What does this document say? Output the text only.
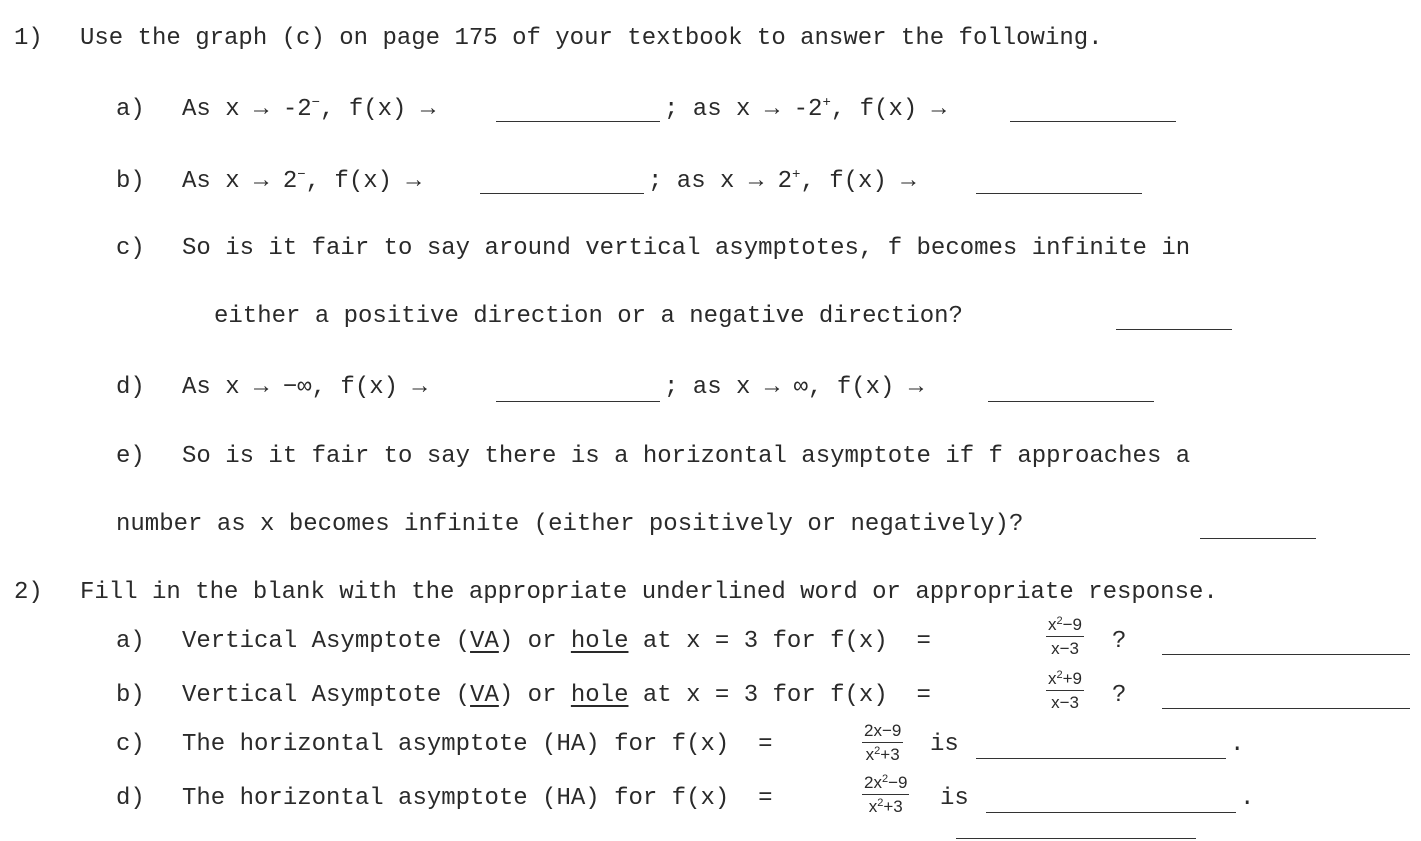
1) Use the graph (c) on page 175 of your textbook to answer the following.
a) As x → -2−, f(x) →	; as x → -2+, f(x) →
b) As x → 2−, f(x) →	; as x → 2+, f(x) →
c) So is it fair to say around vertical asymptotes, f becomes infinite in
either a positive direction or a negative direction?
d) As x → −∞, f(x) →	; as x → ∞, f(x) →
e) So is it fair to say there is a horizontal asymptote if f approaches a
number as x becomes infinite (either positively or negatively)?
2) Fill in the blank with the appropriate underlined word or appropriate response.
a) Vertical Asymptote (VA) or hole at x = 3 for f(x)  =	$\frac{x^2-9}{x-3}$ ?
b) Vertical Asymptote (VA) or hole at x = 3 for f(x)  =	$\frac{x^2+9}{x-3}$ ?
c) The horizontal asymptote (HA) for f(x)  =	$\frac{2x-9}{x^2+3}$ is	.
d) The horizontal asymptote (HA) for f(x)  =	$\frac{2x^2-9}{x^2+3}$ is	.
